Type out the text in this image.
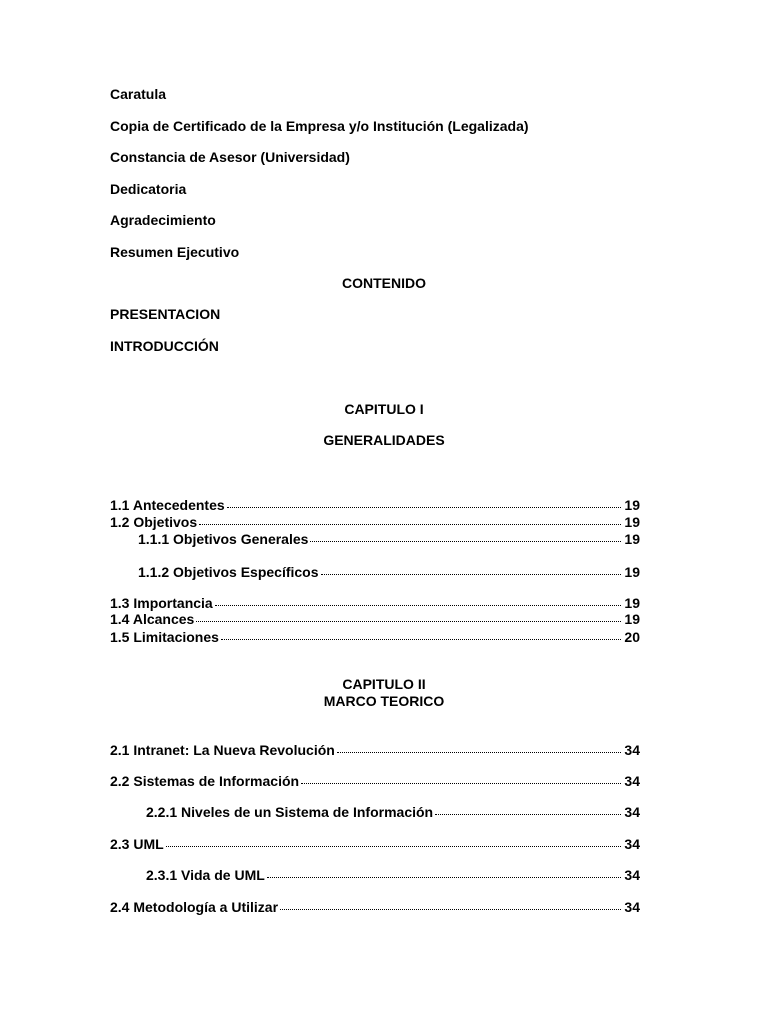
Caratula
Copia de Certificado de la Empresa y/o Institución (Legalizada)
Constancia de Asesor (Universidad)
Dedicatoria
Agradecimiento
Resumen Ejecutivo
CONTENIDO
PRESENTACION
INTRODUCCIÓN
CAPITULO I
GENERALIDADES
1.1 Antecedentes	19
1.2 Objetivos	19
1.1.1 Objetivos Generales	19
1.1.2 Objetivos Específicos	19
1.3 Importancia	19
1.4 Alcances	19
1.5 Limitaciones	20
CAPITULO II
MARCO TEORICO
2.1 Intranet: La Nueva Revolución	34
2.2 Sistemas de Información	34
2.2.1 Niveles de un Sistema de Información	34
2.3 UML	34
2.3.1 Vida de UML	34
2.4 Metodología a Utilizar	34
